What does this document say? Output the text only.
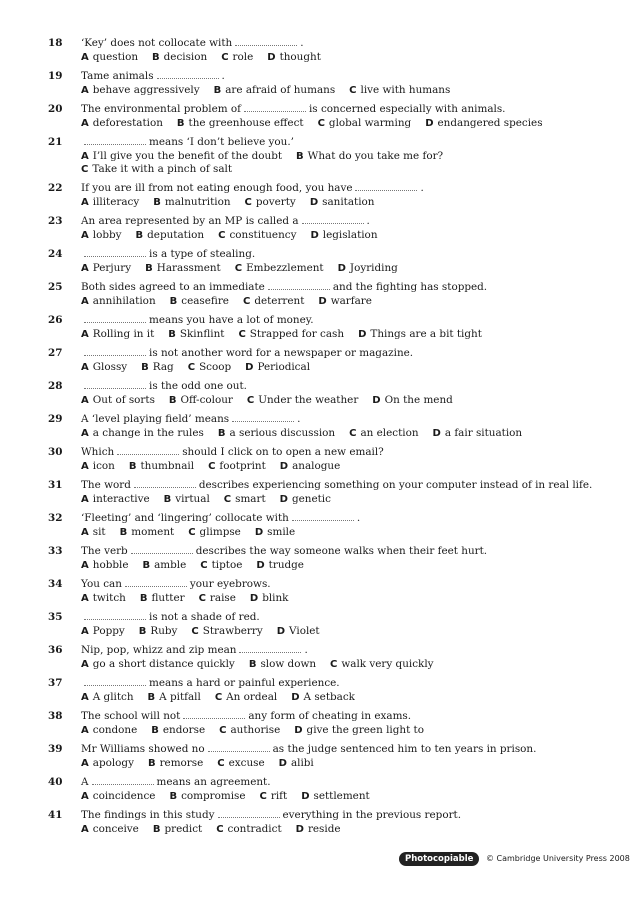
18	‘Key’ does not collocate with	.
A question B decision C role D thought
19	Tame animals	.
A behave aggressively B are afraid of humans C live with humans
20	The environmental problem of	is concerned especially with animals.
A deforestation B the greenhouse effect C global warming D endangered species
21	means ‘I don’t believe you.’
A I’ll give you the benefit of the doubt B What do you take me for?
C Take it with a pinch of salt
22	If you are ill from not eating enough food, you have	.
A illiteracy B malnutrition C poverty D sanitation
23	An area represented by an MP is called a	.
A lobby B deputation C constituency D legislation
24	is a type of stealing.
A Perjury B Harassment C Embezzlement D Joyriding
25	Both sides agreed to an immediate	and the fighting has stopped.
A annihilation B ceasefire C deterrent D warfare
26	means you have a lot of money.
A Rolling in it B Skinflint C Strapped for cash D Things are a bit tight
27	is not another word for a newspaper or magazine.
A Glossy B Rag C Scoop D Periodical
28	is the odd one out.
A Out of sorts B Off-colour C Under the weather D On the mend
29	A ‘level playing field’ means	.
A a change in the rules B a serious discussion C an election D a fair situation
30	Which	should I click on to open a new email?
A icon B thumbnail C footprint D analogue
31	The word	describes experiencing something on your computer instead of in real life.
A interactive B virtual C smart D genetic
32	‘Fleeting’ and ‘lingering’ collocate with	.
A sit B moment C glimpse D smile
33	The verb	describes the way someone walks when their feet hurt.
A hobble B amble C tiptoe D trudge
34	You can	your eyebrows.
A twitch B flutter C raise D blink
35	is not a shade of red.
A Poppy B Ruby C Strawberry D Violet
36	Nip, pop, whizz and zip mean	.
A go a short distance quickly B slow down C walk very quickly
37	means a hard or painful experience.
A A glitch B A pitfall C An ordeal D A setback
38	The school will not	any form of cheating in exams.
A condone B endorse C authorise D give the green light to
39	Mr Williams showed no	as the judge sentenced him to ten years in prison.
A apology B remorse C excuse D alibi
40	A	means an agreement.
A coincidence B compromise C rift D settlement
41	The findings in this study	everything in the previous report.
A conceive B predict C contradict D reside
Photocopiable © Cambridge University Press 2008
